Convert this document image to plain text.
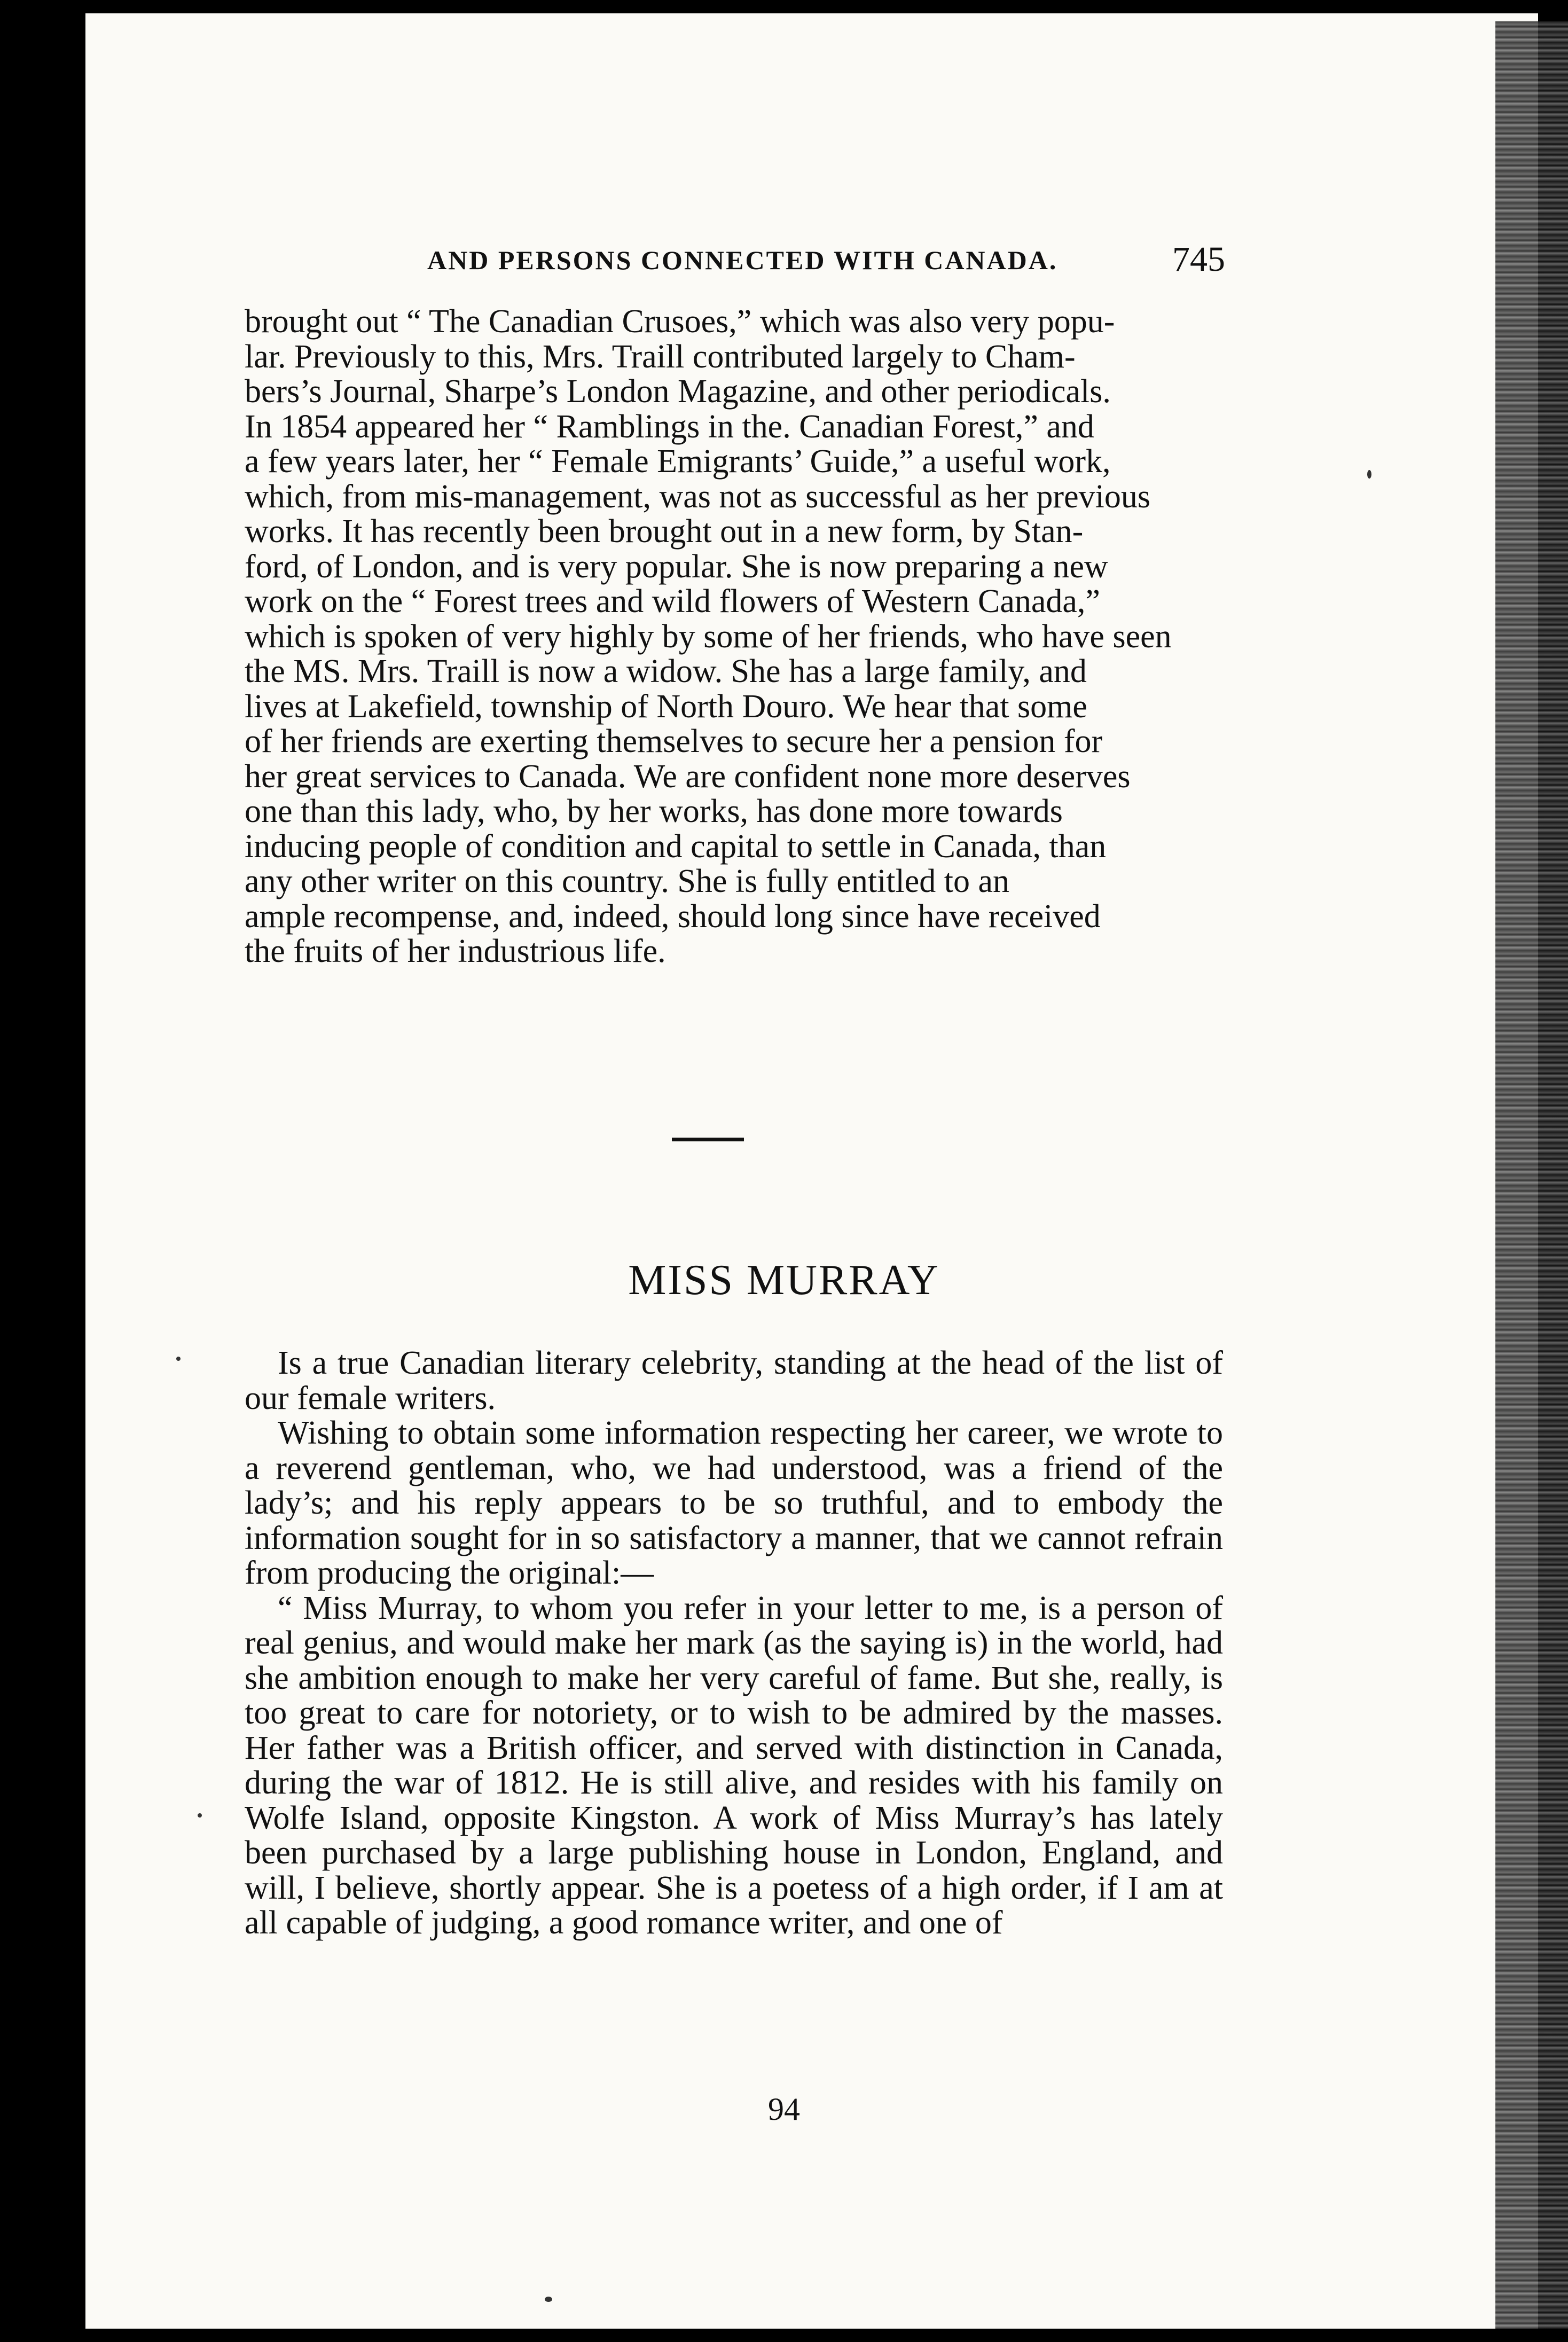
AND PERSONS CONNECTED WITH CANADA.	745

brought out “ The Canadian Crusoes,” which was also very popu-

lar. Previously to this, Mrs. Traill contributed largely to Cham-

bers’s Journal, Sharpe’s London Magazine, and other periodicals.

In 1854 appeared her “ Ramblings in the. Canadian Forest,” and

a few years later, her “ Female Emigrants’ Guide,” a useful work,

which, from mis-management, was not as successful as her previous

works. It has recently been brought out in a new form, by Stan-

ford, of London, and is very popular. She is now preparing a new

work on the “ Forest trees and wild flowers of Western Canada,”

which is spoken of very highly by some of her friends, who have seen

the MS. Mrs. Traill is now a widow. She has a large family, and

lives at Lakefield, township of North Douro. We hear that some

of her friends are exerting themselves to secure her a pension for

her great services to Canada. We are confident none more deserves

one than this lady, who, by her works, has done more towards

inducing people of condition and capital to settle in Canada, than

any other writer on this country. She is fully entitled to an

ample recompense, and, indeed, should long since have received

the fruits of her industrious life.

MISS MURRAY

Is a true Canadian literary celebrity, standing at the head of the list of our female writers.

Wishing to obtain some information respecting her career, we wrote to a reverend gentleman, who, we had understood, was a friend of the lady’s; and his reply appears to be so truthful, and to embody the information sought for in so satisfactory a manner, that we cannot refrain from producing the original:—

“ Miss Murray, to whom you refer in your letter to me, is a person of real genius, and would make her mark (as the saying is) in the world, had she ambition enough to make her very careful of fame. But she, really, is too great to care for notoriety, or to wish to be admired by the masses. Her father was a British officer, and served with distinction in Canada, during the war of 1812. He is still alive, and resides with his family on Wolfe Island, opposite Kingston. A work of Miss Murray’s has lately been purchased by a large publishing house in London, England, and will, I believe, shortly appear. She is a poetess of a high order, if I am at all capable of judging, a good romance writer, and one of

94
